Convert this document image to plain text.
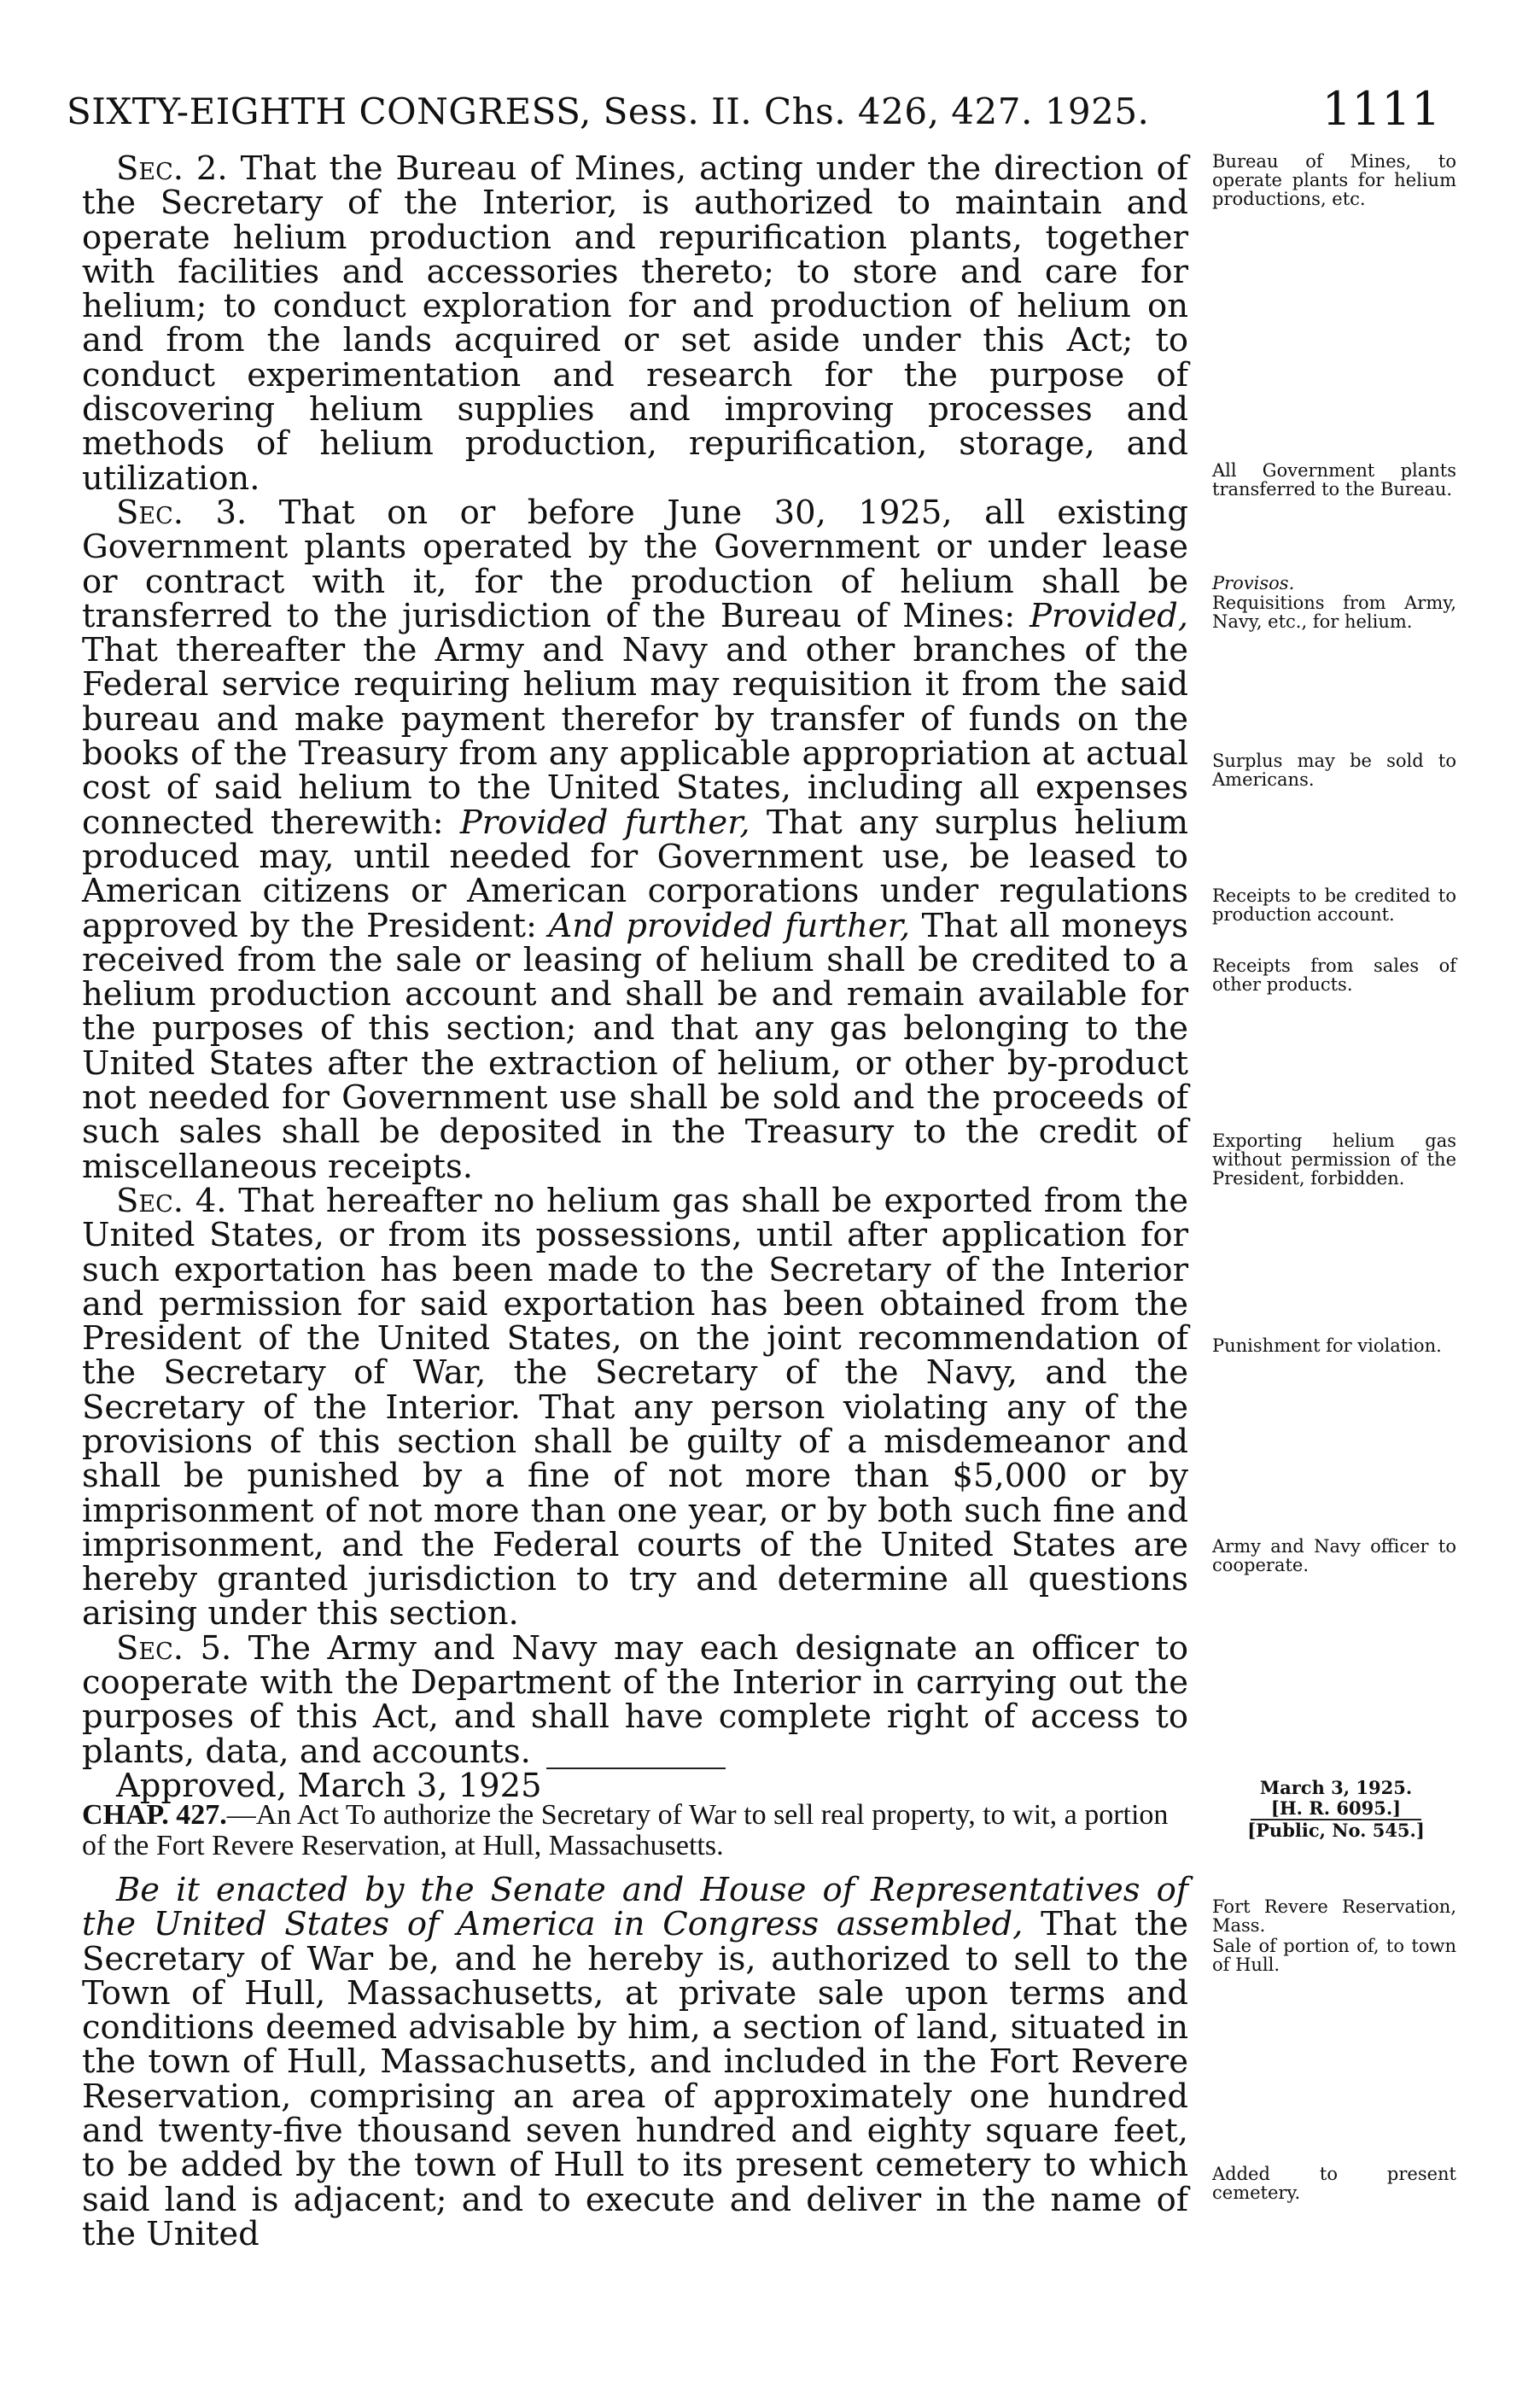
SIXTY-EIGHTH CONGRESS, Sess. II. Chs. 426, 427. 1925.	1111

Sec. 2. That the Bureau of Mines, acting under the direction of the Secretary of the Interior, is authorized to maintain and operate helium production and repurification plants, together with facilities and accessories thereto; to store and care for helium; to conduct exploration for and production of helium on and from the lands acquired or set aside under this Act; to conduct experimentation and research for the purpose of discovering helium supplies and improving processes and methods of helium production, repurification, storage, and utilization.

Sec. 3. That on or before June 30, 1925, all existing Government plants operated by the Government or under lease or contract with it, for the production of helium shall be transferred to the jurisdiction of the Bureau of Mines: Provided, That thereafter the Army and Navy and other branches of the Federal service requiring helium may requisition it from the said bureau and make payment therefor by transfer of funds on the books of the Treasury from any applicable appropriation at actual cost of said helium to the United States, including all expenses connected therewith: Provided further, That any surplus helium produced may, until needed for Government use, be leased to American citizens or American corporations under regulations approved by the President: And provided further, That all moneys received from the sale or leasing of helium shall be credited to a helium production account and shall be and remain available for the purposes of this section; and that any gas belonging to the United States after the extraction of helium, or other by-product not needed for Government use shall be sold and the proceeds of such sales shall be deposited in the Treasury to the credit of miscellaneous receipts.

Sec. 4. That hereafter no helium gas shall be exported from the United States, or from its possessions, until after application for such exportation has been made to the Secretary of the Interior and permission for said exportation has been obtained from the President of the United States, on the joint recommendation of the Secretary of War, the Secretary of the Navy, and the Secretary of the Interior. That any person violating any of the provisions of this section shall be guilty of a misdemeanor and shall be punished by a fine of not more than $5,000 or by imprisonment of not more than one year, or by both such fine and imprisonment, and the Federal courts of the United States are hereby granted jurisdiction to try and determine all questions arising under this section.

Sec. 5. The Army and Navy may each designate an officer to cooperate with the Department of the Interior in carrying out the purposes of this Act, and shall have complete right of access to plants, data, and accounts.

Approved, March 3, 1925

Bureau of Mines, to operate plants for helium productions, etc.
All Government plants transferred to the Bureau.
Provisos.
Requisitions from Army, Navy, etc., for helium.
Surplus may be sold to Americans.
Receipts to be credited to production account.
Receipts from sales of other products.
Exporting helium gas without permission of the President, forbidden.
Punishment for violation.
Army and Navy officer to cooperate.
March 3, 1925.
[H. R. 6095.]
[Public, No. 545.]
CHAP. 427.—An Act To authorize the Secretary of War to sell real property, to wit, a portion of the Fort Revere Reservation, at Hull, Massachusetts.

Be it enacted by the Senate and House of Representatives of the United States of America in Congress assembled, That the Secretary of War be, and he hereby is, authorized to sell to the Town of Hull, Massachusetts, at private sale upon terms and conditions deemed advisable by him, a section of land, situated in the town of Hull, Massachusetts, and included in the Fort Revere Reservation, comprising an area of approximately one hundred and twenty-five thousand seven hundred and eighty square feet, to be added by the town of Hull to its present cemetery to which said land is adjacent; and to execute and deliver in the name of the United

Fort Revere Reservation, Mass.
Sale of portion of, to town of Hull.
Added to present cemetery.
